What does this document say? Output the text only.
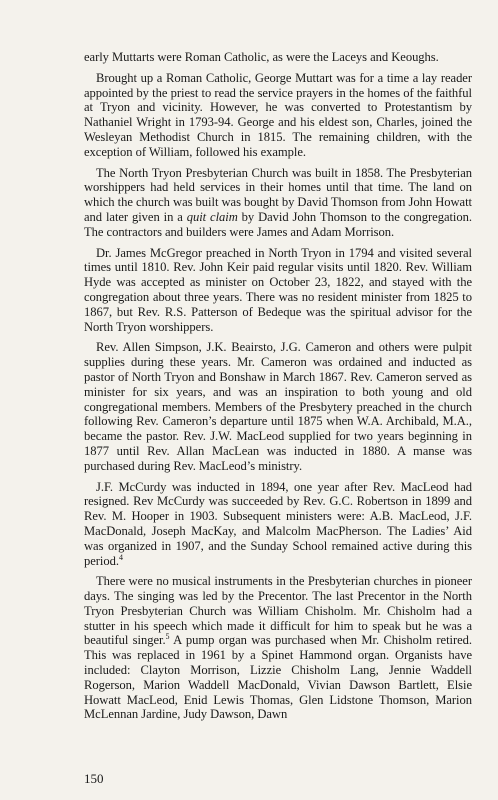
early Muttarts were Roman Catholic, as were the Laceys and Keoughs.

Brought up a Roman Catholic, George Muttart was for a time a lay reader appointed by the priest to read the service prayers in the homes of the faithful at Tryon and vicinity. However, he was converted to Protestantism by Nathaniel Wright in 1793-94. George and his eldest son, Charles, joined the Wesleyan Methodist Church in 1815. The remaining children, with the exception of William, followed his example.

The North Tryon Presbyterian Church was built in 1858. The Presbyterian worshippers had held services in their homes until that time. The land on which the church was built was bought by David Thomson from John Howatt and later given in a quit claim by David John Thomson to the congregation. The contractors and builders were James and Adam Morrison.

Dr. James McGregor preached in North Tryon in 1794 and visited several times until 1810. Rev. John Keir paid regular visits until 1820. Rev. William Hyde was accepted as minister on October 23, 1822, and stayed with the congregation about three years. There was no resident minister from 1825 to 1867, but Rev. R.S. Patterson of Bedeque was the spiritual advisor for the North Tryon worshippers.

Rev. Allen Simpson, J.K. Beairsto, J.G. Cameron and others were pulpit supplies during these years. Mr. Cameron was ordained and inducted as pastor of North Tryon and Bonshaw in March 1867. Rev. Cameron served as minister for six years, and was an inspiration to both young and old congregational members. Members of the Presbytery preached in the church following Rev. Cameron’s departure until 1875 when W.A. Archibald, M.A., became the pastor. Rev. J.W. MacLeod supplied for two years beginning in 1877 until Rev. Allan MacLean was inducted in 1880. A manse was purchased during Rev. MacLeod’s ministry.

J.F. McCurdy was inducted in 1894, one year after Rev. MacLeod had resigned. Rev McCurdy was succeeded by Rev. G.C. Robertson in 1899 and Rev. M. Hooper in 1903. Subsequent ministers were: A.B. MacLeod, J.F. MacDonald, Joseph MacKay, and Malcolm MacPherson. The Ladies’ Aid was organized in 1907, and the Sunday School remained active during this period.$^4$

There were no musical instruments in the Presbyterian churches in pioneer days. The singing was led by the Precentor. The last Precentor in the North Tryon Presbyterian Church was William Chisholm. Mr. Chisholm had a stutter in his speech which made it difficult for him to speak but he was a beautiful singer.$^5$ A pump organ was purchased when Mr. Chisholm retired. This was replaced in 1961 by a Spinet Hammond organ. Organists have included: Clayton Morrison, Lizzie Chisholm Lang, Jennie Waddell Rogerson, Marion Waddell MacDonald, Vivian Dawson Bartlett, Elsie Howatt MacLeod, Enid Lewis Thomas, Glen Lidstone Thomson, Marion McLennan Jardine, Judy Dawson, Dawn

150
